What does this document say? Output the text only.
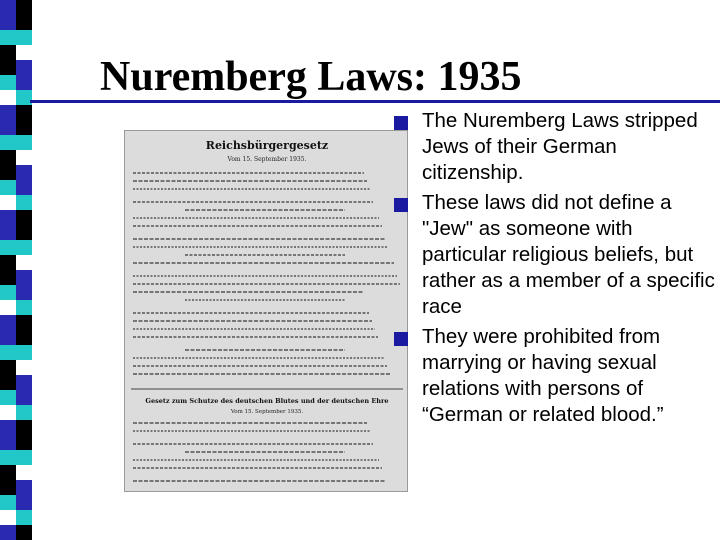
Nuremberg Laws: 1935
Reichsbürgergesetz
Vom 15. September 1935.
Gesetz zum Schutze des deutschen Blutes und der deutschen Ehre
Vom 15. September 1935.
The Nuremberg Laws stripped Jews of their German citizenship.
These laws did not define a "Jew" as someone with particular religious beliefs, but rather as a member of a specific race
They were prohibited from marrying or having sexual relations with persons of “German or related blood.”
